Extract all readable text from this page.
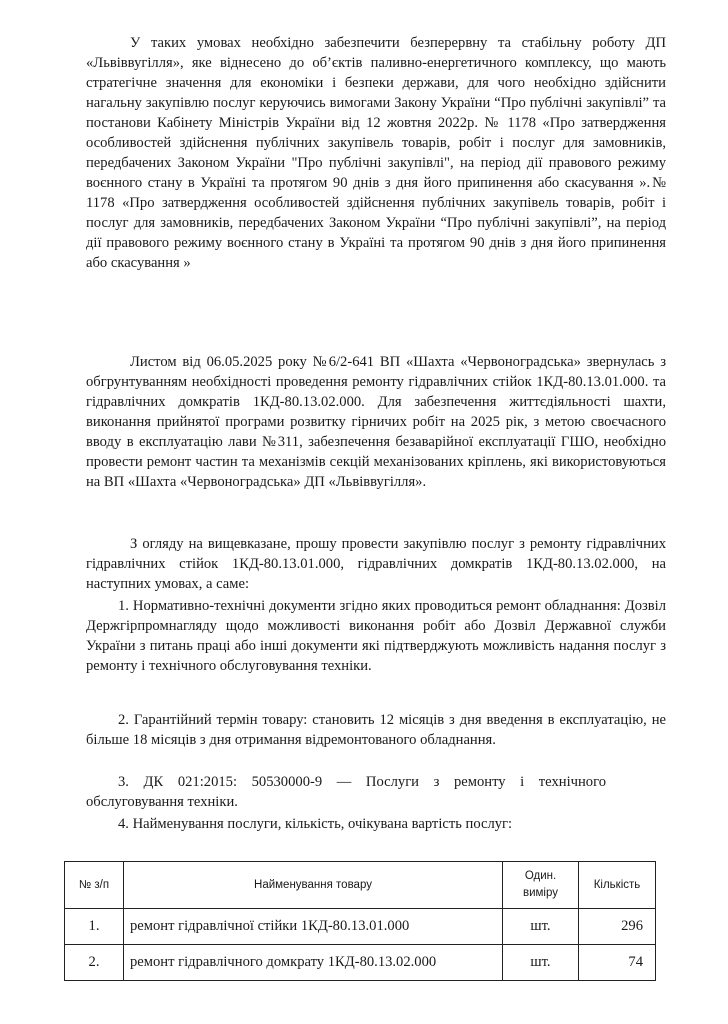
У таких умовах необхідно забезпечити безперервну та стабільну роботу ДП «Львіввугілля», яке віднесено до об’єктів паливно-енергетичного комплексу, що мають стратегічне значення для економіки і безпеки держави, для чого необхідно здійснити нагальну закупівлю послуг керуючись вимогами Закону України “Про публічні закупівлі” та постанови Кабінету Міністрів України від 12 жовтня 2022р. № 1178 «Про затвердження особливостей здійснення публічних закупівель товарів, робіт і послуг для замовників, передбачених Законом України "Про публічні закупівлі", на період дії правового режиму воєнного стану в Україні та протягом 90 днів з дня його припинення або скасування ».№ 1178 «Про затвердження особливостей здійснення публічних закупівель товарів, робіт і послуг для замовників, передбачених Законом України “Про публічні закупівлі”, на період дії правового режиму воєнного стану в Україні та протягом 90 днів з дня його припинення або скасування »

Листом від 06.05.2025 року №6/2-641 ВП «Шахта «Червоноградська» звернулась з обгрунтуванням необхідності проведення ремонту гідравлічних стійок 1КД-80.13.01.000. та гідравлічних домкратів 1КД-80.13.02.000. Для забезпечення життєдіяльності шахти, виконання прийнятої програми розвитку гірничих робіт на 2025 рік, з метою своєчасного вводу в експлуатацію лави №311, забезпечення безаварійної експлуатації ГШО, необхідно провести ремонт частин та механізмів секцій механізованих кріплень, які використовуються на ВП «Шахта «Червоноградська» ДП «Львіввугілля».

З огляду на вищевказане, прошу провести закупівлю послуг з ремонту гідравлічних гідравлічних стійок 1КД-80.13.01.000, гідравлічних домкратів 1КД-80.13.02.000, на наступних умовах, а саме:

1. Нормативно-технічні документи згідно яких проводиться ремонт обладнання: Дозвіл Держгірпромнагляду щодо можливості виконання робіт або Дозвіл Державної служби України з питань праці або інші документи які підтверджують можливість надання послуг з ремонту і технічного обслуговування техніки.

2. Гарантійний термін товару: становить 12 місяців з дня введення в експлуатацію, не більше 18 місяців з дня отримання відремонтованого обладнання.

3. ДК 021:2015: 50530000-9 — Послуги з ремонту і технічного обслуговування техніки.

4. Найменування послуги, кількість, очікувана вартість послуг:

№ з/п	Найменування товару	Один. виміру	Кількість
1.	ремонт гідравлічної стійки 1КД-80.13.01.000	шт.	296
2.	ремонт гідравлічного домкрату 1КД-80.13.02.000	шт.	74
